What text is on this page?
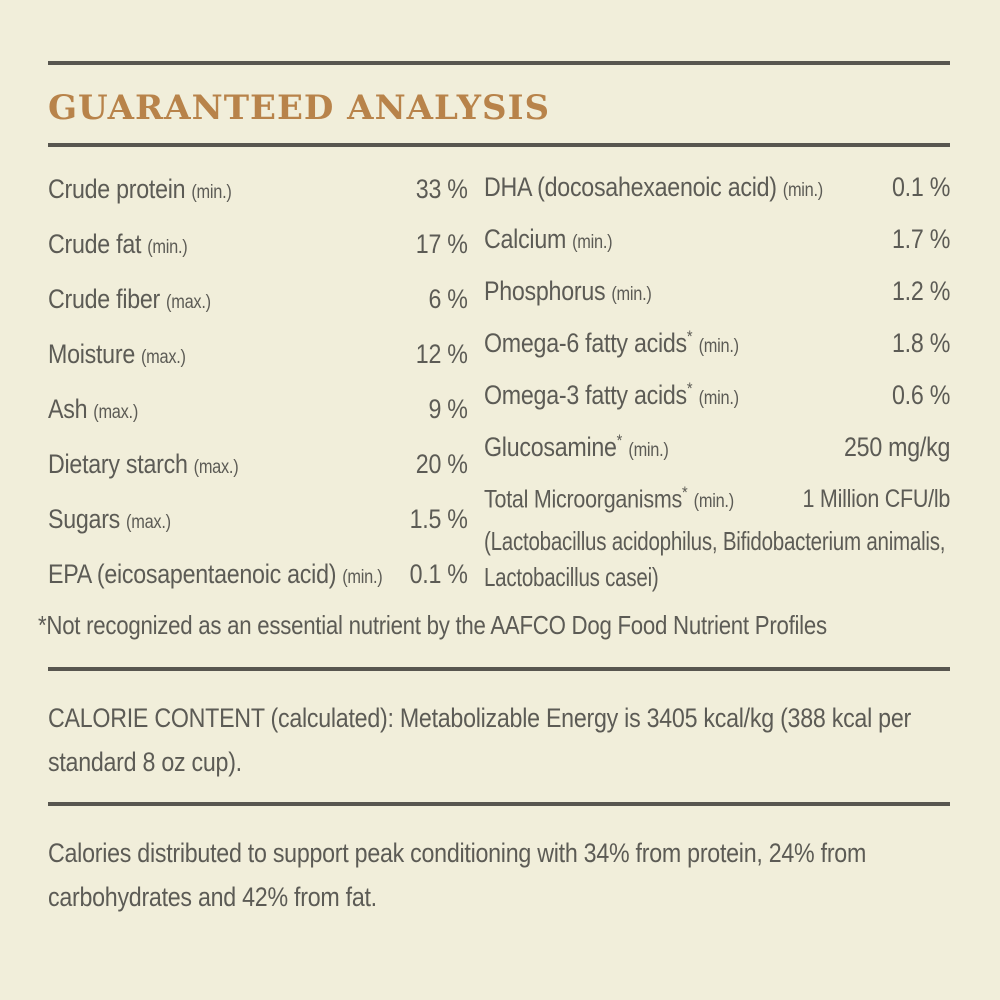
GUARANTEED ANALYSIS
Crude protein (min.)	33 %
Crude fat (min.)	17 %
Crude fiber (max.)	6 %
Moisture (max.)	12 %
Ash (max.)	9 %
Dietary starch (max.)	20 %
Sugars (max.)	1.5 %
EPA (eicosapentaenoic acid) (min.) 0.1 %
DHA (docosahexaenoic acid) (min.)	0.1 %
Calcium (min.)	1.7 %
Phosphorus (min.)	1.2 %
Omega-6 fatty acids* (min.)	1.8 %
Omega-3 fatty acids* (min.)	0.6 %
Glucosamine* (min.)	250 mg/kg
Total Microorganisms* (min.)	1 Million CFU/lb
(Lactobacillus acidophilus, Bifidobacterium animalis, Lactobacillus casei)
*Not recognized as an essential nutrient by the AAFCO Dog Food Nutrient Profiles
CALORIE CONTENT (calculated): Metabolizable Energy is 3405 kcal/kg (388 kcal per standard 8 oz cup).
Calories distributed to support peak conditioning with 34% from protein, 24% from carbohydrates and 42% from fat.
